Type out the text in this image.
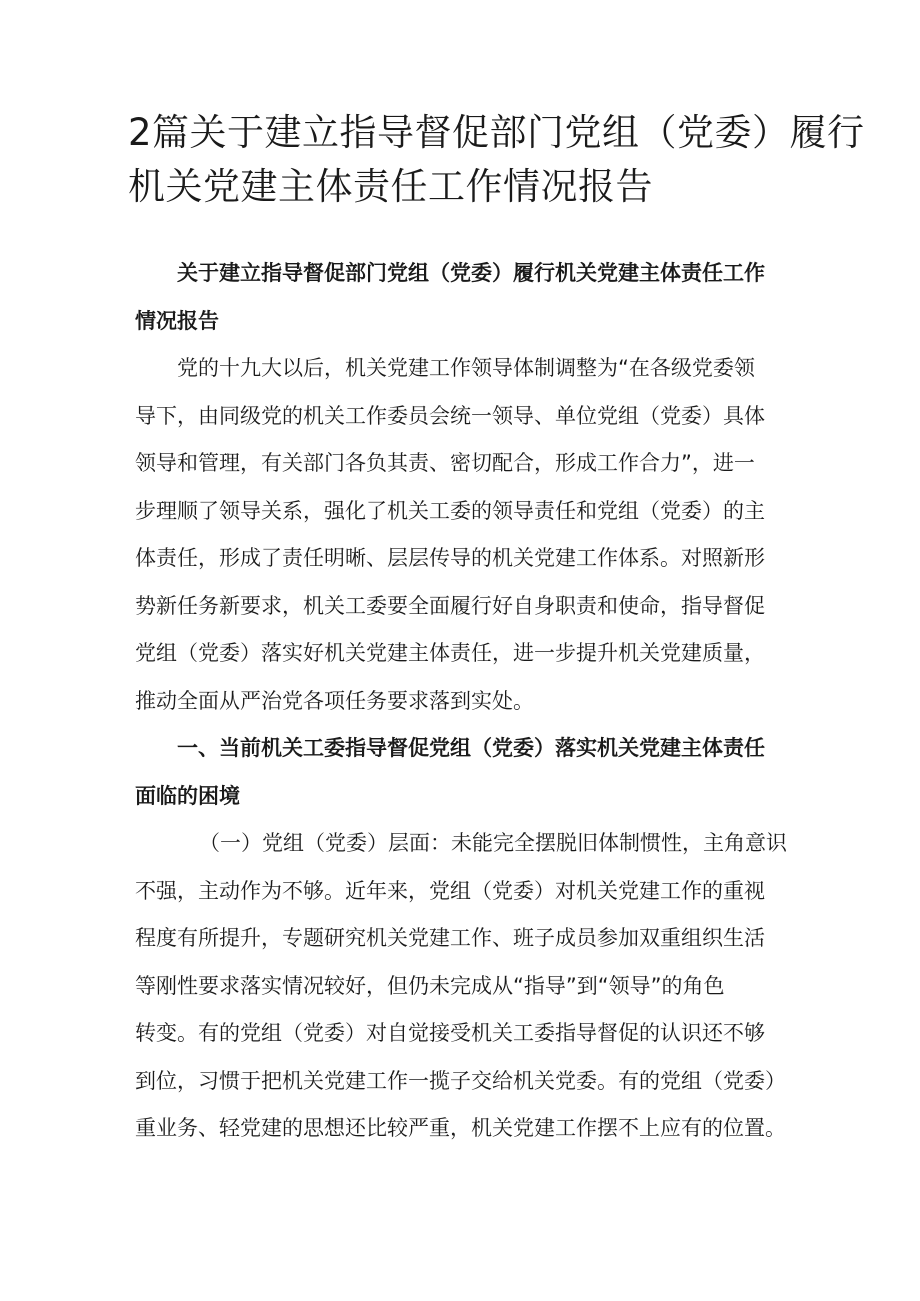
2篇关于建立指导督促部门党组（党委）履行
机关党建主体责任工作情况报告
关于建立指导督促部门党组（党委）履行机关党建主体责任工作
情况报告
党的十九大以后，机关党建工作领导体制调整为“在各级党委领
导下，由同级党的机关工作委员会统一领导、单位党组（党委）具体
领导和管理，有关部门各负其责、密切配合，形成工作合力”，进一
步理顺了领导关系，强化了机关工委的领导责任和党组（党委）的主
体责任，形成了责任明晰、层层传导的机关党建工作体系。对照新形
势新任务新要求，机关工委要全面履行好自身职责和使命，指导督促
党组（党委）落实好机关党建主体责任，进一步提升机关党建质量，
推动全面从严治党各项任务要求落到实处。
一、当前机关工委指导督促党组（党委）落实机关党建主体责任
面临的困境
（一）党组（党委）层面：未能完全摆脱旧体制惯性，主角意识
不强，主动作为不够。近年来，党组（党委）对机关党建工作的重视
程度有所提升，专题研究机关党建工作、班子成员参加双重组织生活
等刚性要求落实情况较好，但仍未完成从“指导”到“领导”的角色
转变。有的党组（党委）对自觉接受机关工委指导督促的认识还不够
到位，习惯于把机关党建工作一揽子交给机关党委。有的党组（党委）
重业务、轻党建的思想还比较严重，机关党建工作摆不上应有的位置。
